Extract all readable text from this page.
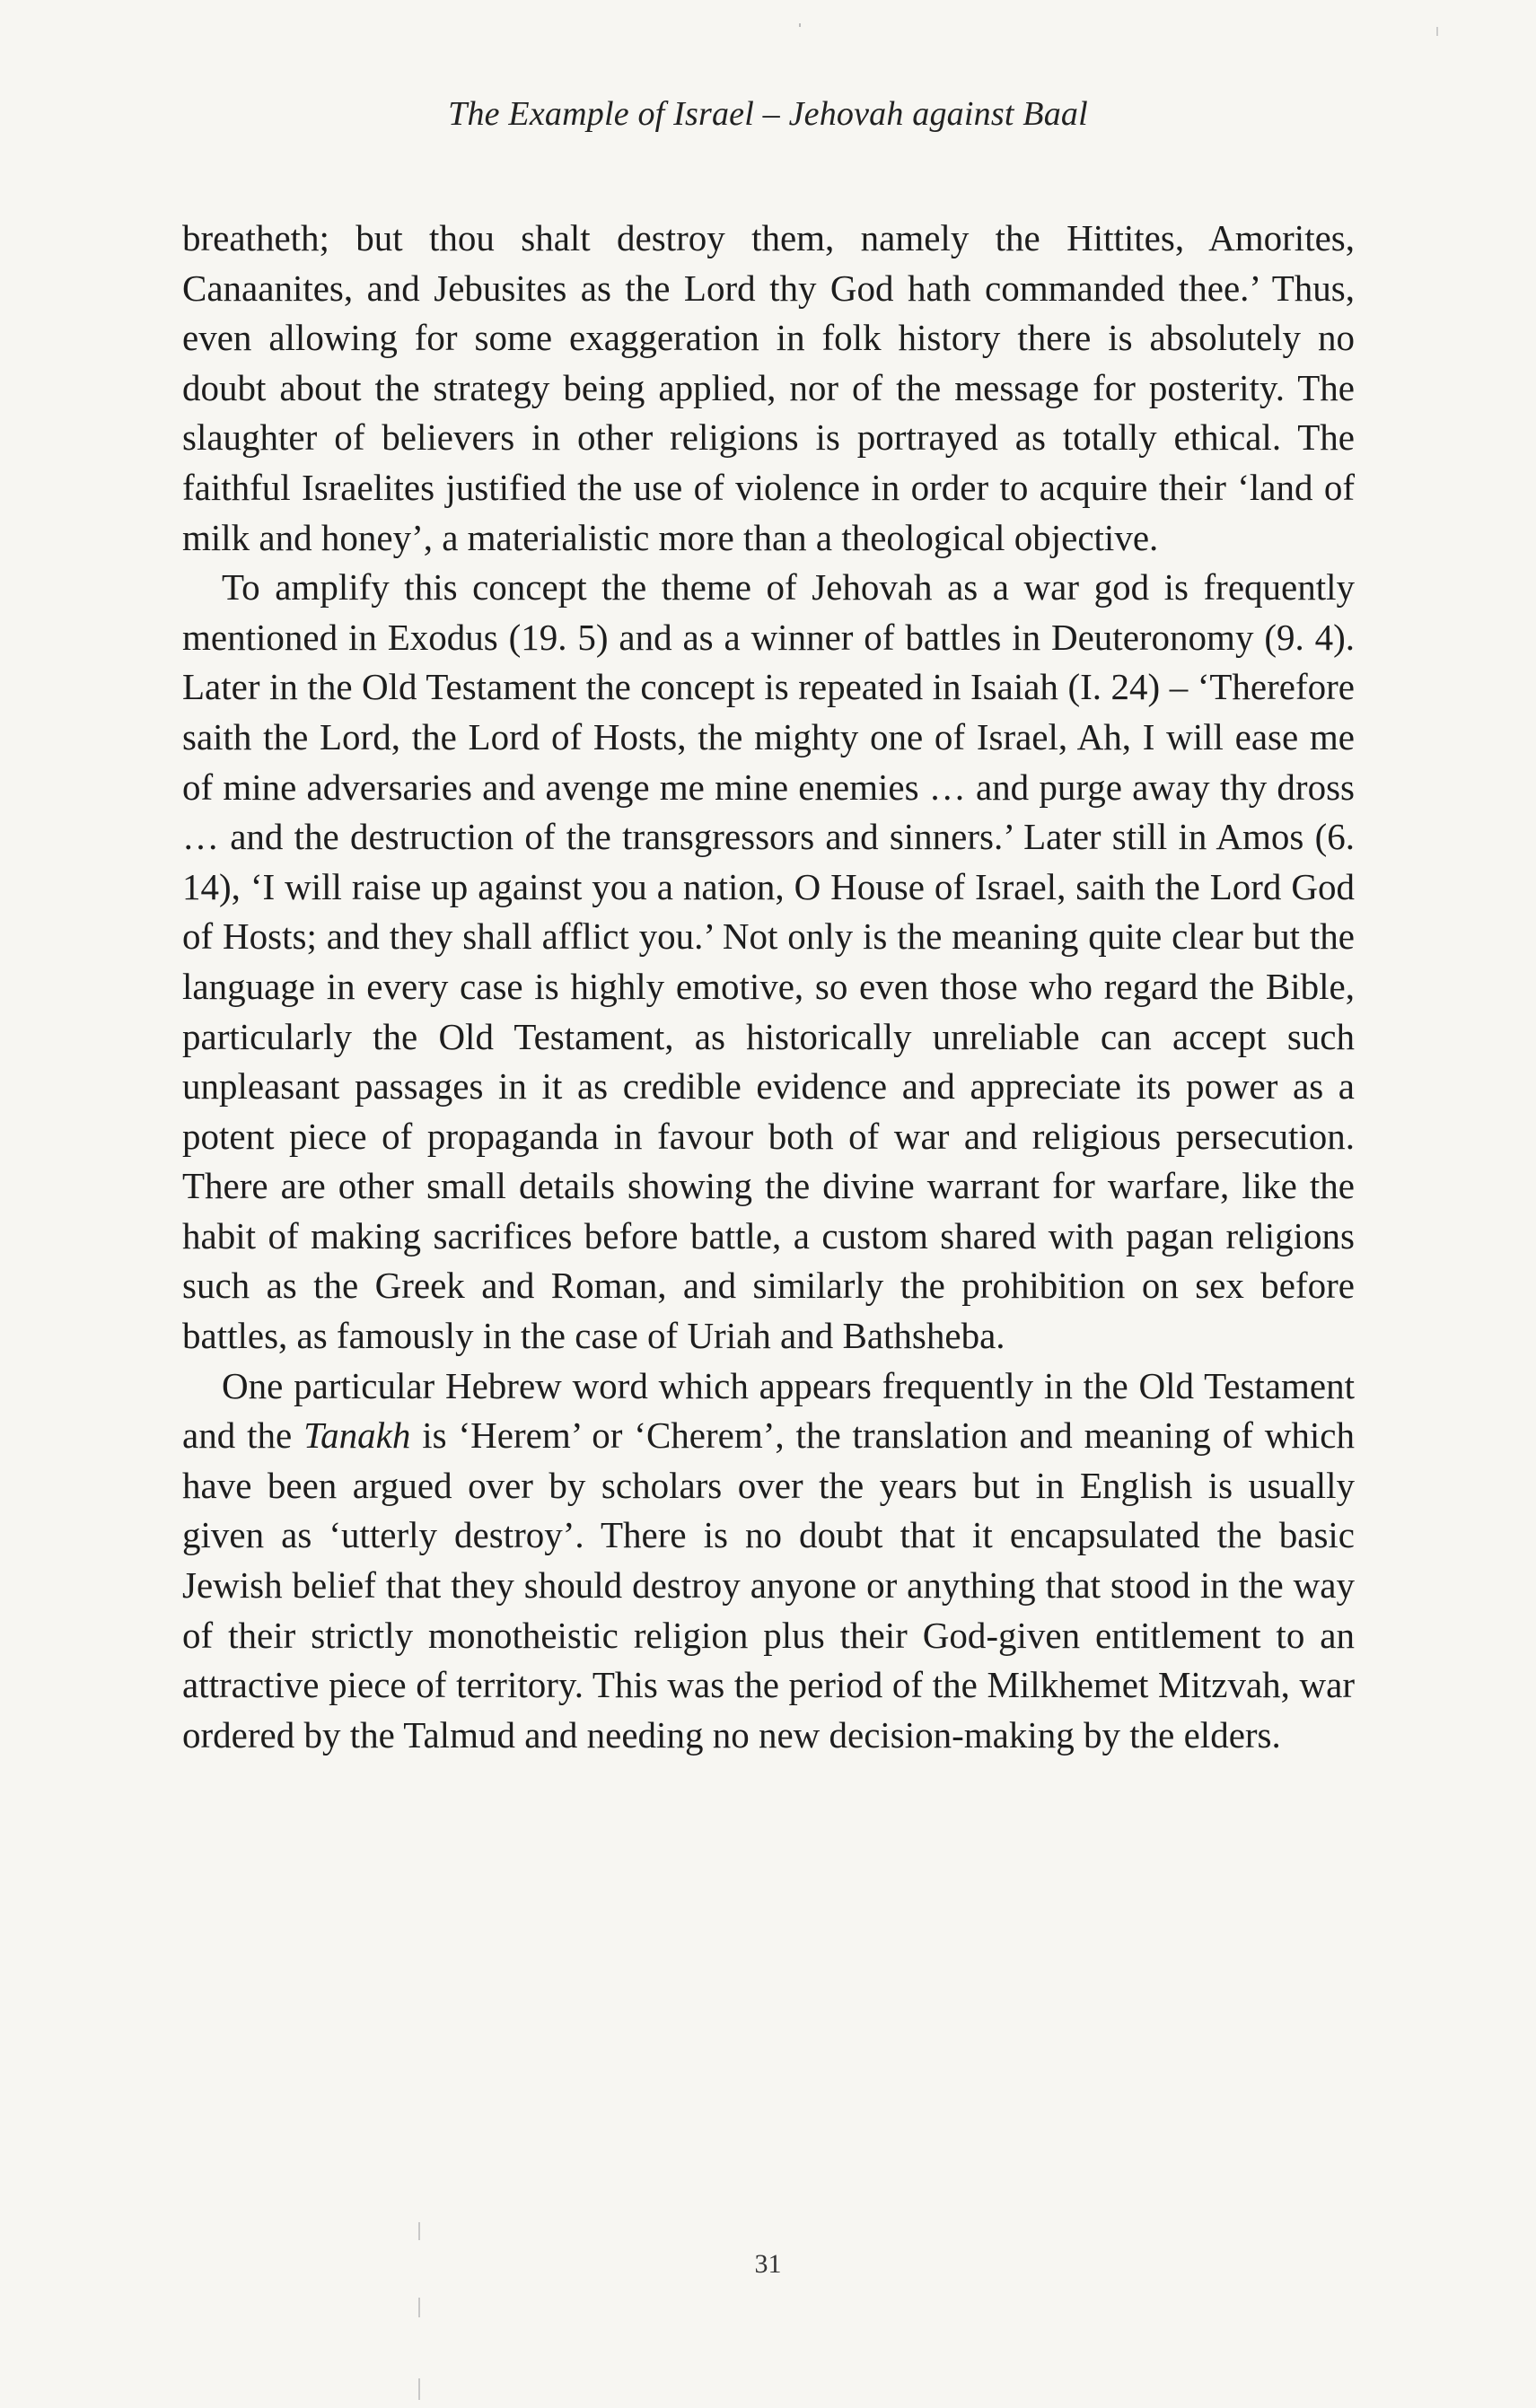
The Example of Israel – Jehovah against Baal

breatheth; but thou shalt destroy them, namely the Hittites, Amorites, Canaanites, and Jebusites as the Lord thy God hath commanded thee.’ Thus, even allowing for some exaggeration in folk history there is absolutely no doubt about the strategy being applied, nor of the message for posterity. The slaughter of believers in other religions is portrayed as totally ethical. The faithful Israelites justified the use of violence in order to acquire their ‘land of milk and honey’, a materialistic more than a theological objective.

To amplify this concept the theme of Jehovah as a war god is frequently mentioned in Exodus (19. 5) and as a winner of battles in Deuteronomy (9. 4). Later in the Old Testament the concept is repeated in Isaiah (I. 24) – ‘Therefore saith the Lord, the Lord of Hosts, the mighty one of Israel, Ah, I will ease me of mine adversaries and avenge me mine enemies … and purge away thy dross … and the destruction of the transgressors and sinners.’ Later still in Amos (6. 14), ‘I will raise up against you a nation, O House of Israel, saith the Lord God of Hosts; and they shall afflict you.’ Not only is the meaning quite clear but the language in every case is highly emotive, so even those who regard the Bible, particularly the Old Testament, as historically unreliable can accept such unpleasant passages in it as credible evidence and appreciate its power as a potent piece of propaganda in favour both of war and religious persecution. There are other small details showing the divine warrant for warfare, like the habit of making sacrifices before battle, a custom shared with pagan religions such as the Greek and Roman, and similarly the prohibition on sex before battles, as famously in the case of Uriah and Bathsheba.

One particular Hebrew word which appears frequently in the Old Testament and the Tanakh is ‘Herem’ or ‘Cherem’, the translation and meaning of which have been argued over by scholars over the years but in English is usually given as ‘utterly destroy’. There is no doubt that it encapsulated the basic Jewish belief that they should destroy anyone or anything that stood in the way of their strictly monotheistic religion plus their God-given entitlement to an attractive piece of territory. This was the period of the Milkhemet Mitzvah, war ordered by the Talmud and needing no new decision-making by the elders.

31
